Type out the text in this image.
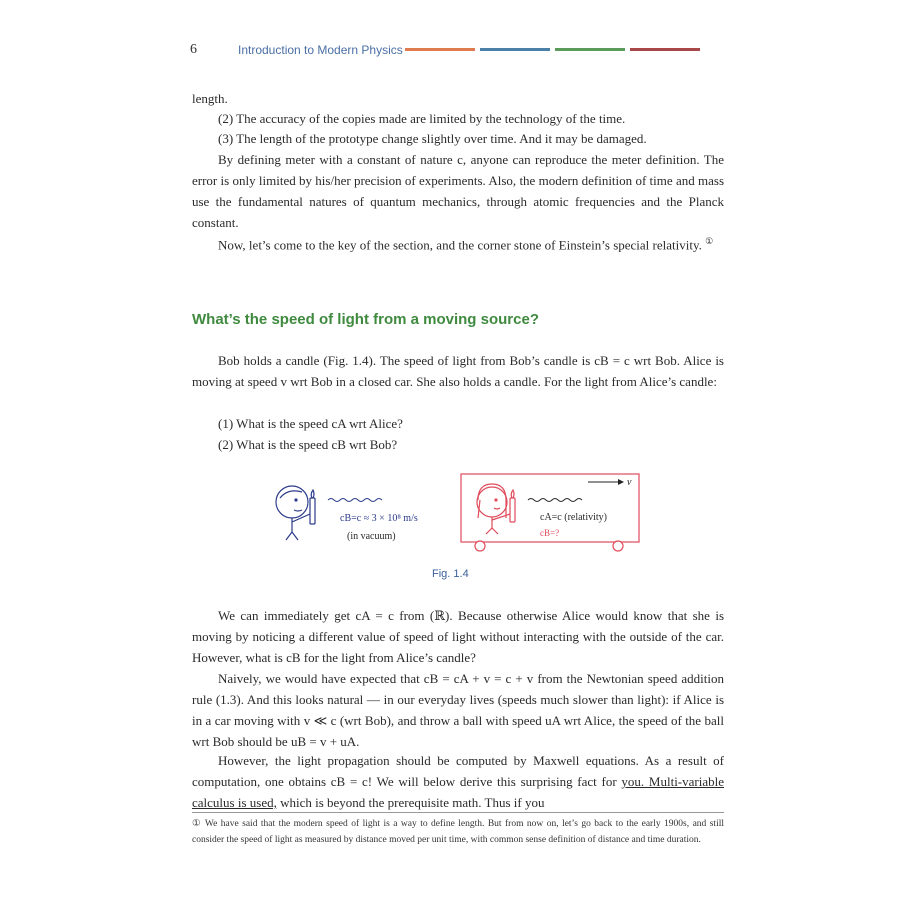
6	Introduction to Modern Physics

length.

(2) The accuracy of the copies made are limited by the technology of the time.

(3) The length of the prototype change slightly over time. And it may be damaged.

By defining meter with a constant of nature c, anyone can reproduce the meter definition. The error is only limited by his/her precision of experiments. Also, the modern definition of time and mass use the fundamental natures of quantum mechanics, through atomic frequencies and the Planck constant.

Now, let’s come to the key of the section, and the corner stone of Einstein’s special relativity. ①

What’s the speed of light from a moving source?

Bob holds a candle (Fig. 1.4). The speed of light from Bob’s candle is cB = c wrt Bob. Alice is moving at speed v wrt Bob in a closed car. She also holds a candle. For the light from Alice’s candle:

(1) What is the speed cA wrt Alice?

(2) What is the speed cB wrt Bob?

cB=c ≈ 3 × 10⁸ m/s
(in vacuum)
v
cA=c (relativity)
cB=?

Fig. 1.4

We can immediately get cA = c from (ℝ). Because otherwise Alice would know that she is moving by noticing a different value of speed of light without interacting with the outside of the car. However, what is cB for the light from Alice’s candle?

Naively, we would have expected that cB = cA + v = c + v from the Newtonian speed addition rule (1.3). And this looks natural — in our everyday lives (speeds much slower than light): if Alice is in a car moving with v ≪ c (wrt Bob), and throw a ball with speed uA wrt Alice, the speed of the ball wrt Bob should be uB = v + uA.

However, the light propagation should be computed by Maxwell equations. As a result of computation, one obtains cB = c! We will below derive this surprising fact for you. Multi-variable calculus is used, which is beyond the prerequisite math. Thus if you

① We have said that the modern speed of light is a way to define length. But from now on, let’s go back to the early 1900s, and still consider the speed of light as measured by distance moved per unit time, with common sense definition of distance and time duration.
